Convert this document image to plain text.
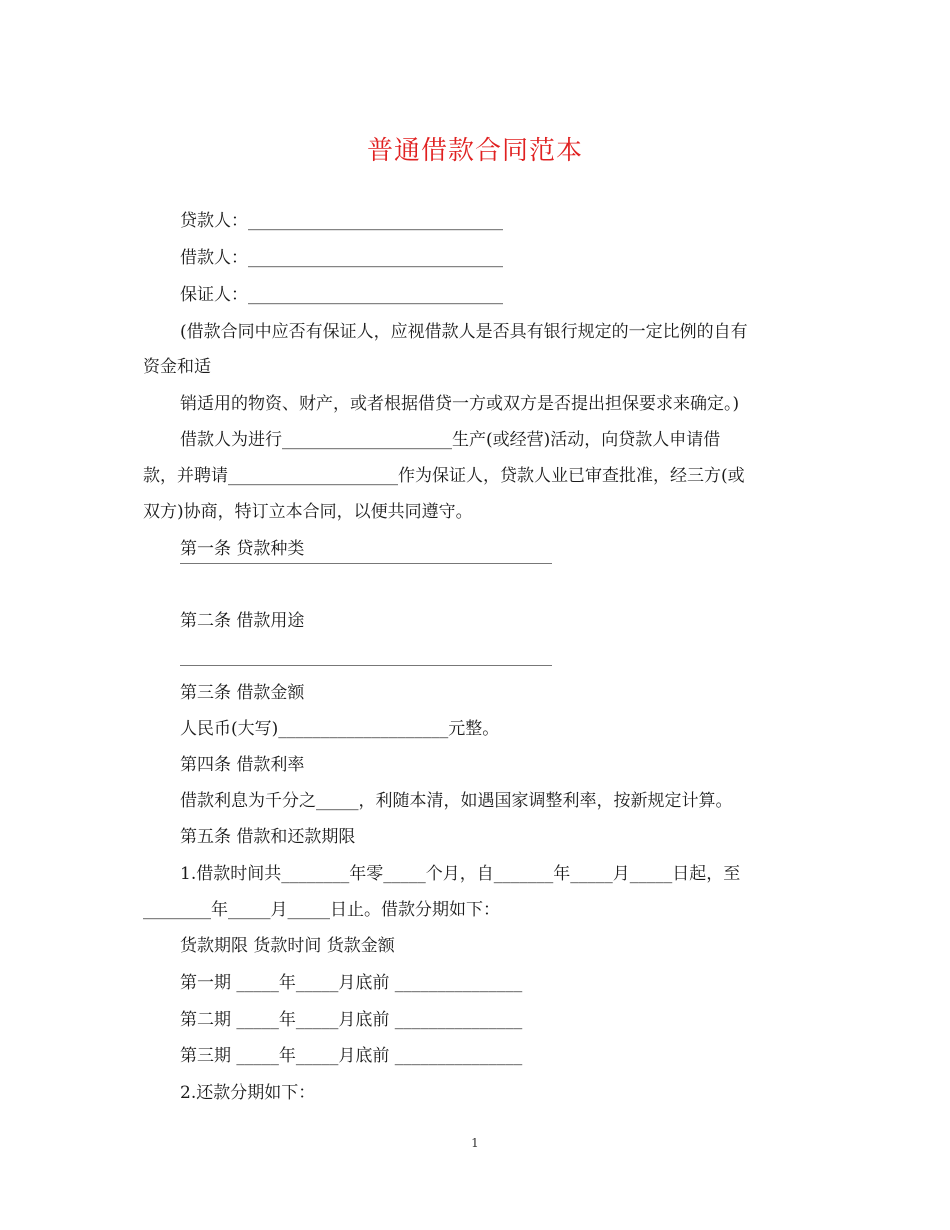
普通借款合同范本
贷款人：______________________________
借款人：______________________________
保证人：______________________________
(借款合同中应否有保证人，应视借款人是否具有银行规定的一定比例的自有
资金和适
销适用的物资、财产，或者根据借贷一方或双方是否提出担保要求来确定。)
借款人为进行____________________生产(或经营)活动，向贷款人申请借
款，并聘请____________________作为保证人，贷款人业已审查批准，经三方(或
双方)协商，特订立本合同，以便共同遵守。
第一条 贷款种类
第二条 借款用途
第三条 借款金额
人民币(大写)____________________元整。
第四条 借款利率
借款利息为千分之_____，利随本清，如遇国家调整利率，按新规定计算。
第五条 借款和还款期限
1.借款时间共________年零_____个月，自_______年_____月_____日起，至
________年_____月_____日止。借款分期如下：
货款期限 货款时间 货款金额
第一期 _____年_____月底前 _______________
第二期 _____年_____月底前 _______________
第三期 _____年_____月底前 _______________
2.还款分期如下：
1
